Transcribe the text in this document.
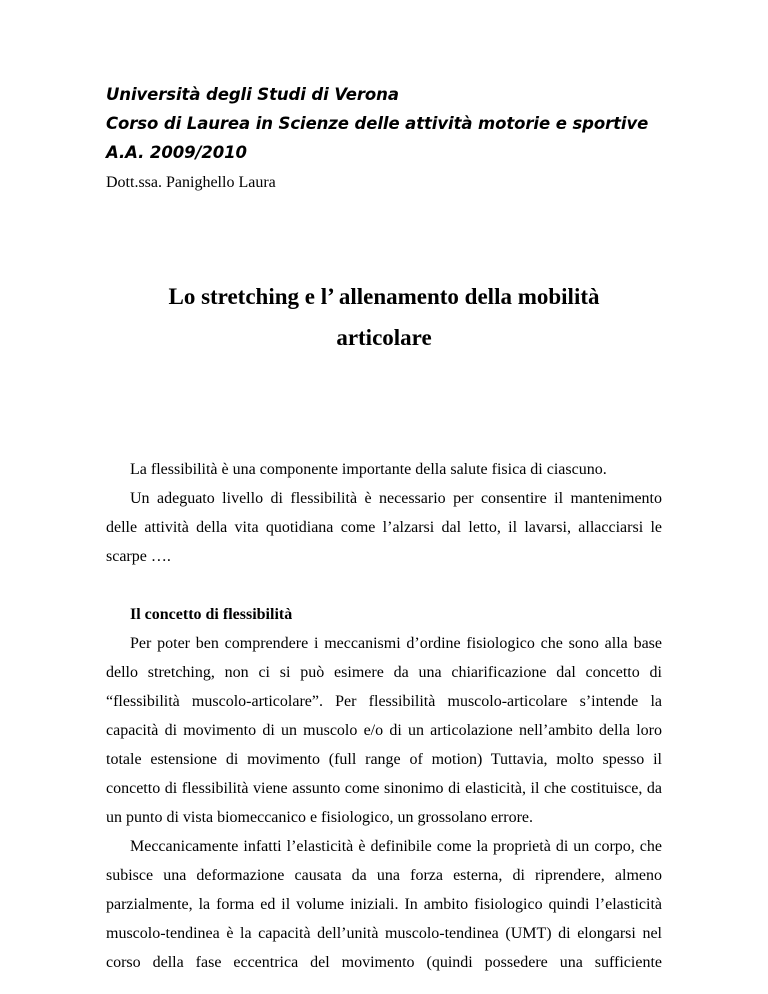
Università degli Studi di Verona
Corso di Laurea in Scienze delle attività motorie e sportive
A.A. 2009/2010
Dott.ssa. Panighello Laura
Lo stretching e l’ allenamento della mobilità
articolare
La flessibilità è una componente importante della salute fisica di ciascuno.
Un adeguato livello di flessibilità è necessario per consentire il mantenimento
delle attività della vita quotidiana come l’alzarsi dal letto, il lavarsi, allacciarsi le
scarpe ….
Il concetto di flessibilità
Per poter ben comprendere i meccanismi d’ordine fisiologico che sono alla base
dello stretching, non ci si può esimere da una chiarificazione dal concetto di
“flessibilità muscolo-articolare”. Per flessibilità muscolo-articolare s’intende la
capacità di movimento di un muscolo e/o di un articolazione nell’ambito della loro
totale estensione di movimento (full range of motion) Tuttavia, molto spesso il
concetto di flessibilità viene assunto come sinonimo di elasticità, il che costituisce, da
un punto di vista biomeccanico e fisiologico, un grossolano errore.
Meccanicamente infatti l’elasticità è definibile come la proprietà di un corpo, che
subisce una deformazione causata da una forza esterna, di riprendere, almeno
parzialmente, la forma ed il volume iniziali. In ambito fisiologico quindi l’elasticità
muscolo-tendinea è la capacità dell’unità muscolo-tendinea (UMT) di elongarsi nel
corso della fase eccentrica del movimento (quindi possedere una sufficiente
